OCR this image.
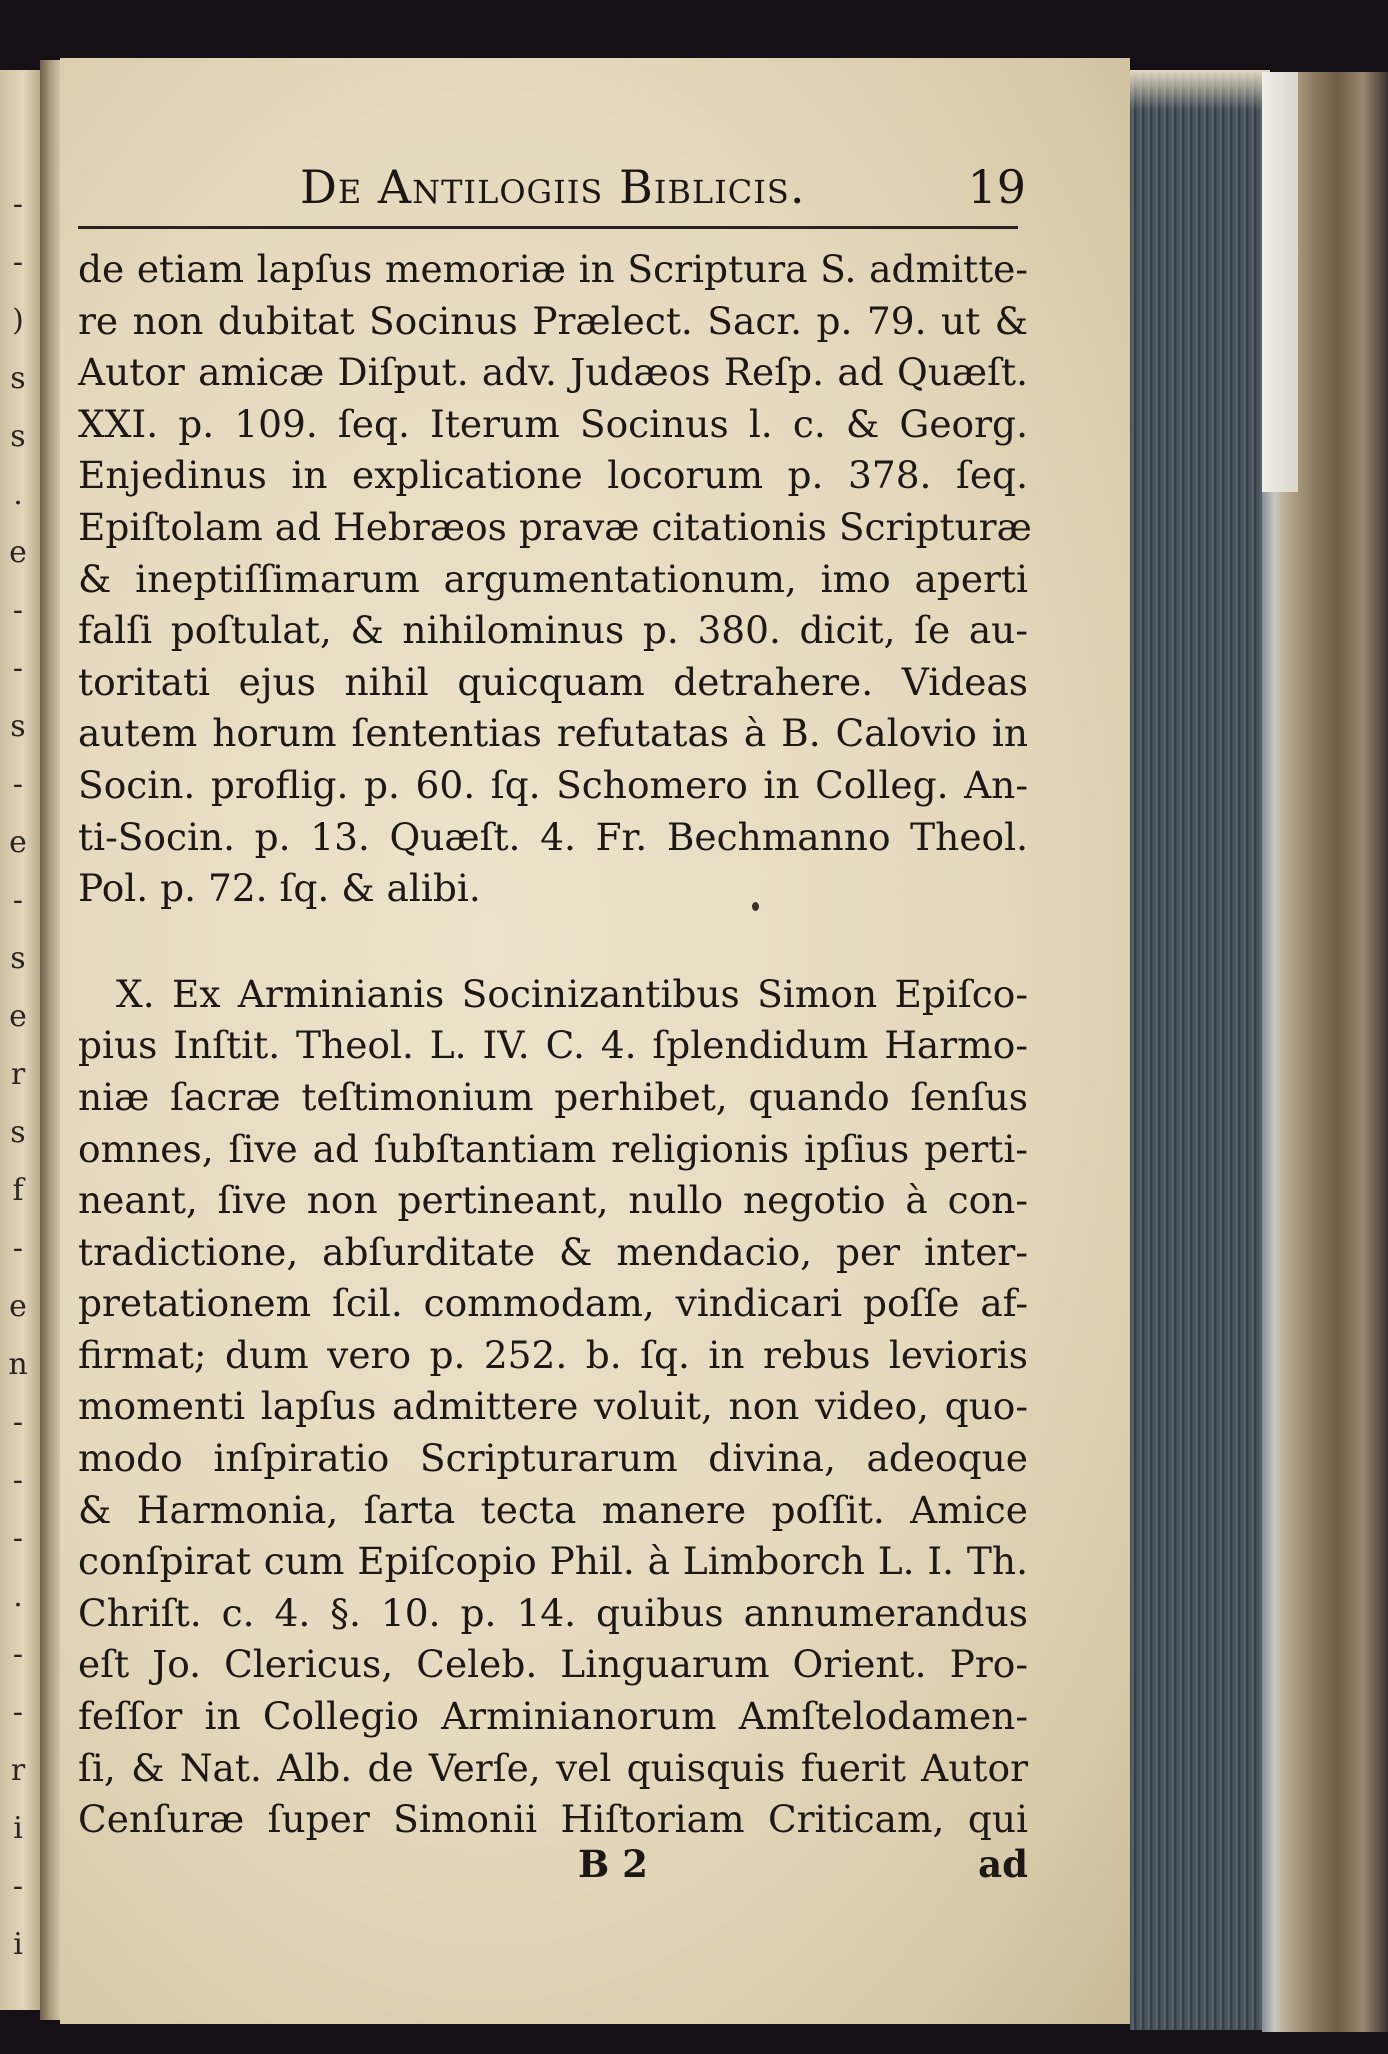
-
-
)
s
s
.
e
-
-
s
-
e
-
s
e
r
s
f
-
e
n
-
-
-
.
-
-
r
i
-
i
De Antilogiis Biblicis.	19
de etiam lapſus memoriæ in Scriptura S. admitte-
re non dubitat Socinus Prælect. Sacr. p. 79. ut &
Autor amicæ Diſput. adv. Judæos Reſp. ad Quæſt.
XXI. p. 109. ſeq. Iterum Socinus l. c. & Georg.
Enjedinus in explicatione locorum p. 378. ſeq.
Epiſtolam ad Hebræos pravæ citationis Scripturæ
& ineptiſſimarum argumentationum, imo aperti
falſi poſtulat, & nihilominus p. 380. dicit, ſe au-
toritati ejus nihil quicquam detrahere. Videas
autem horum ſententias refutatas à B. Calovio in
Socin. proflig. p. 60. ſq. Schomero in Colleg. An-
ti-Socin. p. 13. Quæſt. 4. Fr. Bechmanno Theol.
Pol. p. 72. ſq. & alibi.
X. Ex Arminianis Socinizantibus Simon Epiſco-
pius Inſtit. Theol. L. IV. C. 4. ſplendidum Harmo-
niæ ſacræ teſtimonium perhibet, quando ſenſus
omnes, ſive ad ſubſtantiam religionis ipſius perti-
neant, ſive non pertineant, nullo negotio à con-
tradictione, abſurditate & mendacio, per inter-
pretationem ſcil. commodam, vindicari poſſe af-
firmat; dum vero p. 252. b. ſq. in rebus levioris
momenti lapſus admittere voluit, non video, quo-
modo inſpiratio Scripturarum divina, adeoque
& Harmonia, ſarta tecta manere poſſit. Amice
conſpirat cum Epiſcopio Phil. à Limborch L. I. Th.
Chriſt. c. 4. §. 10. p. 14. quibus annumerandus
eſt Jo. Clericus, Celeb. Linguarum Orient. Pro-
feſſor in Collegio Arminianorum Amſtelodamen-
ſi, & Nat. Alb. de Verſe, vel quisquis fuerit Autor
Cenſuræ ſuper Simonii Hiſtoriam Criticam, qui
B 2	ad
